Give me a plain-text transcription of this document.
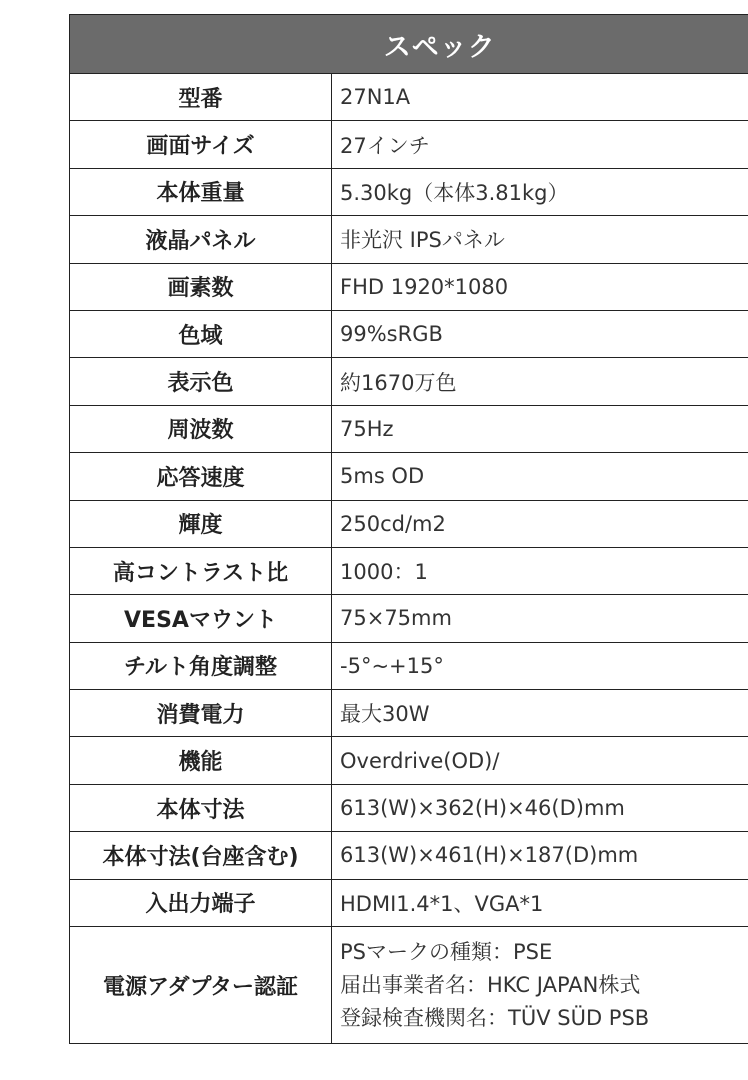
スペック	
型番	27N1A
画面サイズ	27インチ
本体重量	5.30kg（本体3.81kg）
液晶パネル	非光沢 IPSパネル
画素数	FHD 1920*1080
色域	99%sRGB
表示色	約1670万色
周波数	75Hz
応答速度	5ms OD
輝度	250cd/m2
高コントラスト比	1000：1
VESAマウント	75×75mm
チルト角度調整	-5°~+15°
消費電力	最大30W
機能	Overdrive(OD)/
本体寸法	613(W)×362(H)×46(D)mm
本体寸法(台座含む)	613(W)×461(H)×187(D)mm
入出力端子	HDMI1.4*1、VGA*1
電源アダプター認証	PSマークの種類：PSE
届出事業者名：HKC JAPAN株式
登録検査機関名：TÜV SÜD PSB
